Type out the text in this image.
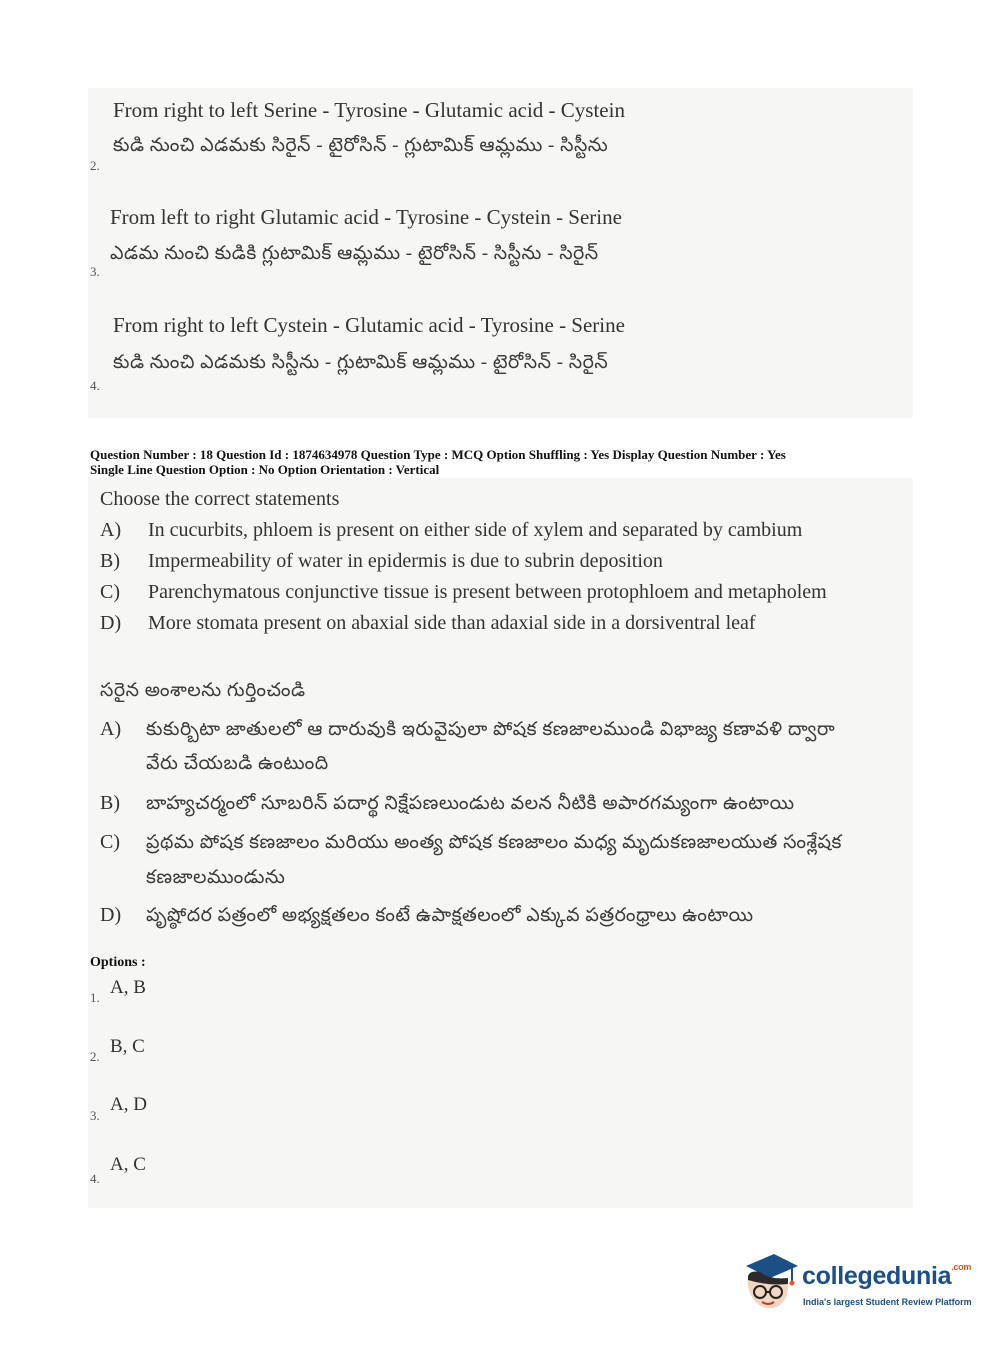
From right to left Serine - Tyrosine - Glutamic acid - Cystein
కుడి నుంచి ఎడమకు సిరైన్ - టైరోసిన్ - గ్లుటామిక్ ఆమ్లము - సిస్టీను
2.
From left to right Glutamic acid - Tyrosine - Cystein - Serine
ఎడమ నుంచి కుడికి గ్లుటామిక్ ఆమ్లము - టైరోసిన్ - సిస్టీను - సిరైన్
3.
From right to left Cystein - Glutamic acid - Tyrosine - Serine
కుడి నుంచి ఎడమకు సిస్టీను - గ్లుటామిక్ ఆమ్లము - టైరోసిన్ - సిరైన్
4.
Question Number : 18 Question Id : 1874634978 Question Type : MCQ Option Shuffling : Yes Display Question Number : Yes
Single Line Question Option : No Option Orientation : Vertical
Choose the correct statements
A) In cucurbits, phloem is present on either side of xylem and separated by cambium
B) Impermeability of water in epidermis is due to subrin deposition
C) Parenchymatous conjunctive tissue is present between protophloem and metapholem
D) More stomata present on abaxial side than adaxial side in a dorsiventral leaf
సరైన అంశాలను గుర్తించండి
A) కుకుర్బిటా జాతులలో ఆ దారువుకి ఇరువైపులా పోషక కణజాలముండి విభాజ్య కణావళి ద్వారా
వేరు చేయబడి ఉంటుంది
B) బాహ్యచర్మంలో సూబరిన్ పదార్థ నిక్షేపణలుండుట వలన నీటికి అపారగమ్యంగా ఉంటాయి
C) ప్రథమ పోషక కణజాలం మరియు అంత్య పోషక కణజాలం మధ్య మృదుకణజాలయుత సంశ్లేషక
కణజాలముండును
D) పృష్ఠోదర పత్రంలో అభ్యక్షతలం కంటే ఉపాక్షతలంలో ఎక్కువ పత్రరంధ్రాలు ఉంటాయి
Options :
1. A, B
2. B, C
3.
A, D
4.
A, C
collegedunia$^{.com}$
India's largest Student Review Platform
